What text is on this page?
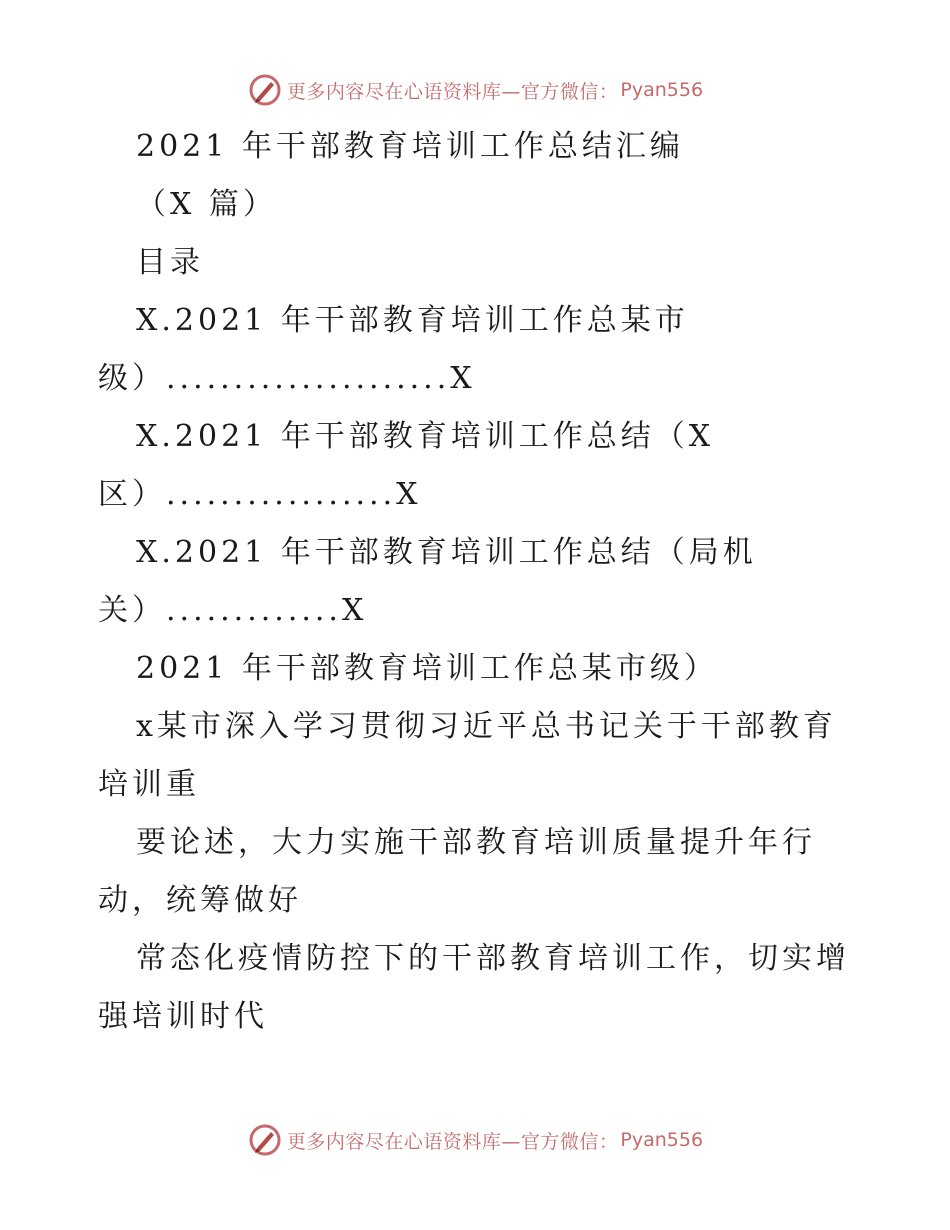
更多内容尽在心语资料库—官方微信： Pyan556
2021 年干部教育培训工作总结汇编
（X 篇）
目录
X.2021 年干部教育培训工作总某市
级）.....................X
X.2021 年干部教育培训工作总结（X
区）.................X
X.2021 年干部教育培训工作总结（局机
关）.............X
2021 年干部教育培训工作总某市级）
x某市深入学习贯彻习近平总书记关于干部教育
培训重
要论述，大力实施干部教育培训质量提升年行
动，统筹做好
常态化疫情防控下的干部教育培训工作，切实增
强培训时代
更多内容尽在心语资料库—官方微信： Pyan556
